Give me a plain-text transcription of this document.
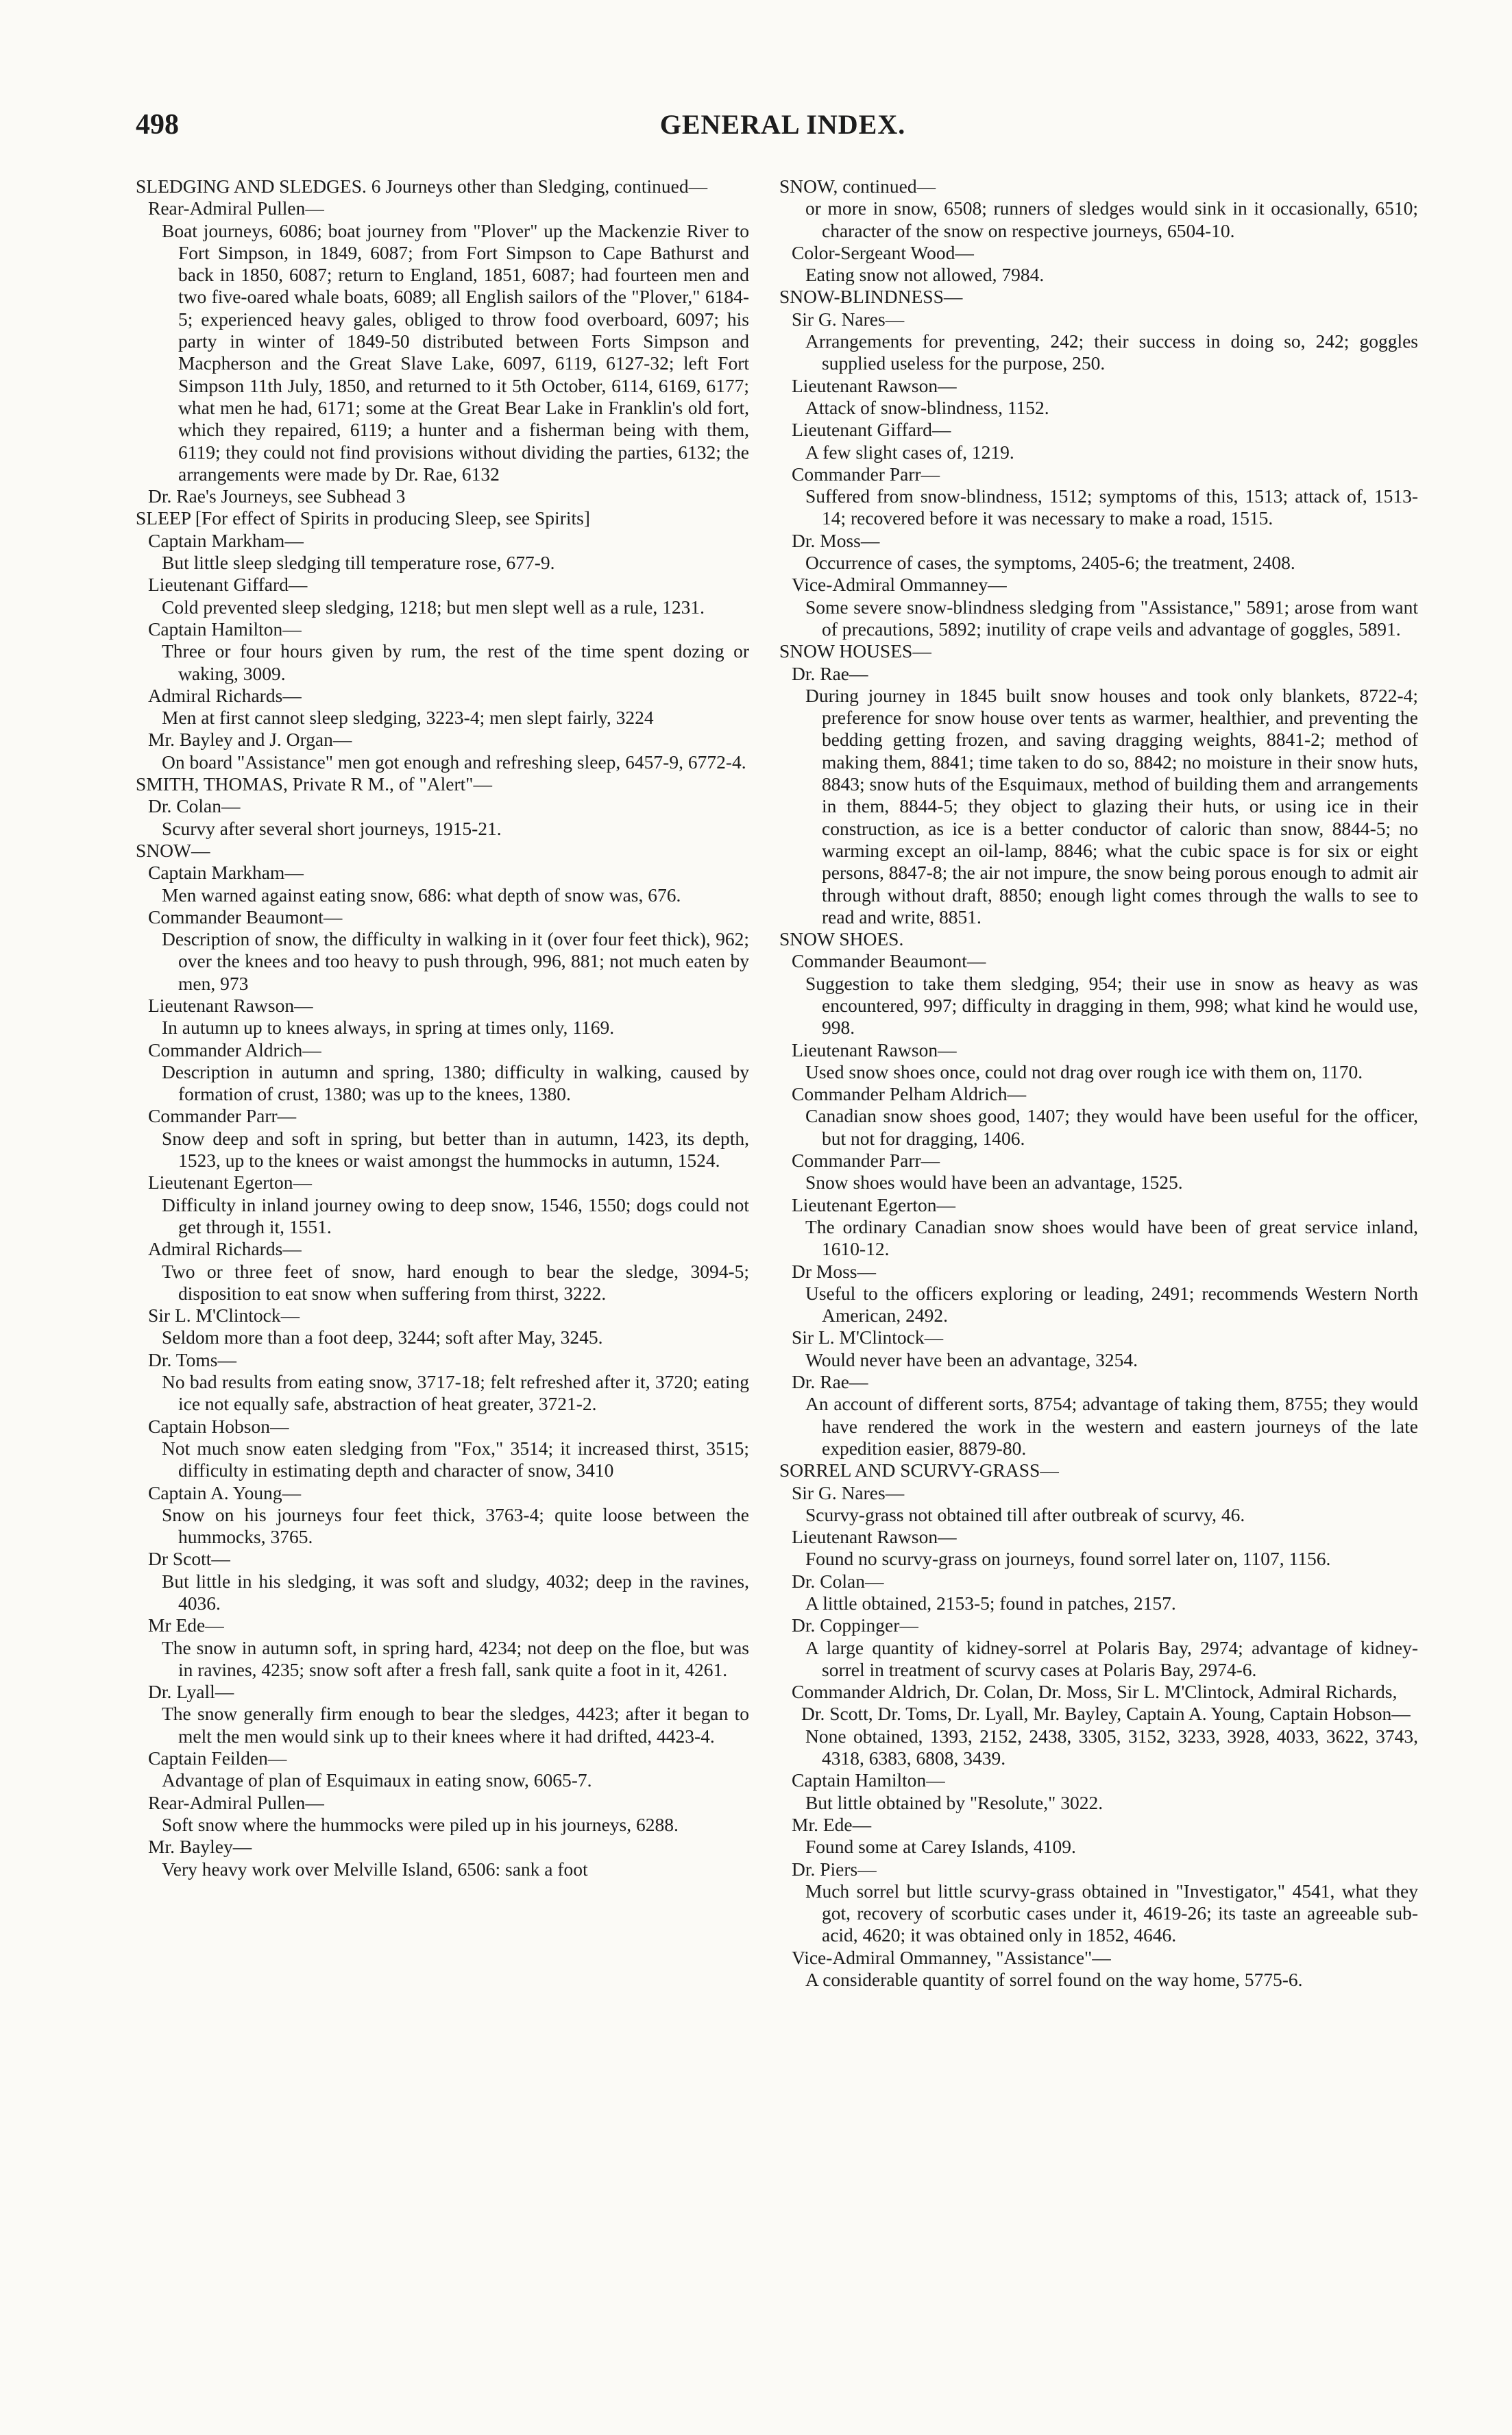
498	GENERAL INDEX.
SLEDGING AND SLEDGES. 6 Journeys other than Sledging, continued—
Rear-Admiral Pullen—
Boat journeys, 6086; boat journey from "Plover" up the Mackenzie River to Fort Simpson, in 1849, 6087; from Fort Simpson to Cape Bathurst and back in 1850, 6087; return to England, 1851, 6087; had fourteen men and two five-oared whale boats, 6089; all English sailors of the "Plover," 6184-5; experienced heavy gales, obliged to throw food overboard, 6097; his party in winter of 1849-50 distributed between Forts Simpson and Macpherson and the Great Slave Lake, 6097, 6119, 6127-32; left Fort Simpson 11th July, 1850, and returned to it 5th October, 6114, 6169, 6177; what men he had, 6171; some at the Great Bear Lake in Franklin's old fort, which they repaired, 6119; a hunter and a fisherman being with them, 6119; they could not find provisions without dividing the parties, 6132; the arrangements were made by Dr. Rae, 6132
Dr. Rae's Journeys, see Subhead 3
SLEEP [For effect of Spirits in producing Sleep, see Spirits]
Captain Markham—
But little sleep sledging till temperature rose, 677-9.
Lieutenant Giffard—
Cold prevented sleep sledging, 1218; but men slept well as a rule, 1231.
Captain Hamilton—
Three or four hours given by rum, the rest of the time spent dozing or waking, 3009.
Admiral Richards—
Men at first cannot sleep sledging, 3223-4; men slept fairly, 3224
Mr. Bayley and J. Organ—
On board "Assistance" men got enough and refreshing sleep, 6457-9, 6772-4.
SMITH, THOMAS, Private R M., of "Alert"—
Dr. Colan—
Scurvy after several short journeys, 1915-21.
SNOW—
Captain Markham—
Men warned against eating snow, 686: what depth of snow was, 676.
Commander Beaumont—
Description of snow, the difficulty in walking in it (over four feet thick), 962; over the knees and too heavy to push through, 996, 881; not much eaten by men, 973
Lieutenant Rawson—
In autumn up to knees always, in spring at times only, 1169.
Commander Aldrich—
Description in autumn and spring, 1380; difficulty in walking, caused by formation of crust, 1380; was up to the knees, 1380.
Commander Parr—
Snow deep and soft in spring, but better than in autumn, 1423, its depth, 1523, up to the knees or waist amongst the hummocks in autumn, 1524.
Lieutenant Egerton—
Difficulty in inland journey owing to deep snow, 1546, 1550; dogs could not get through it, 1551.
Admiral Richards—
Two or three feet of snow, hard enough to bear the sledge, 3094-5; disposition to eat snow when suffering from thirst, 3222.
Sir L. M'Clintock—
Seldom more than a foot deep, 3244; soft after May, 3245.
Dr. Toms—
No bad results from eating snow, 3717-18; felt refreshed after it, 3720; eating ice not equally safe, abstraction of heat greater, 3721-2.
Captain Hobson—
Not much snow eaten sledging from "Fox," 3514; it increased thirst, 3515; difficulty in estimating depth and character of snow, 3410
Captain A. Young—
Snow on his journeys four feet thick, 3763-4; quite loose between the hummocks, 3765.
Dr Scott—
But little in his sledging, it was soft and sludgy, 4032; deep in the ravines, 4036.
Mr Ede—
The snow in autumn soft, in spring hard, 4234; not deep on the floe, but was in ravines, 4235; snow soft after a fresh fall, sank quite a foot in it, 4261.
Dr. Lyall—
The snow generally firm enough to bear the sledges, 4423; after it began to melt the men would sink up to their knees where it had drifted, 4423-4.
Captain Feilden—
Advantage of plan of Esquimaux in eating snow, 6065-7.
Rear-Admiral Pullen—
Soft snow where the hummocks were piled up in his journeys, 6288.
Mr. Bayley—
Very heavy work over Melville Island, 6506: sank a foot
SNOW, continued—
or more in snow, 6508; runners of sledges would sink in it occasionally, 6510; character of the snow on respective journeys, 6504-10.
Color-Sergeant Wood—
Eating snow not allowed, 7984.
SNOW-BLINDNESS—
Sir G. Nares—
Arrangements for preventing, 242; their success in doing so, 242; goggles supplied useless for the purpose, 250.
Lieutenant Rawson—
Attack of snow-blindness, 1152.
Lieutenant Giffard—
A few slight cases of, 1219.
Commander Parr—
Suffered from snow-blindness, 1512; symptoms of this, 1513; attack of, 1513-14; recovered before it was necessary to make a road, 1515.
Dr. Moss—
Occurrence of cases, the symptoms, 2405-6; the treatment, 2408.
Vice-Admiral Ommanney—
Some severe snow-blindness sledging from "Assistance," 5891; arose from want of precautions, 5892; inutility of crape veils and advantage of goggles, 5891.
SNOW HOUSES—
Dr. Rae—
During journey in 1845 built snow houses and took only blankets, 8722-4; preference for snow house over tents as warmer, healthier, and preventing the bedding getting frozen, and saving dragging weights, 8841-2; method of making them, 8841; time taken to do so, 8842; no moisture in their snow huts, 8843; snow huts of the Esquimaux, method of building them and arrangements in them, 8844-5; they object to glazing their huts, or using ice in their construction, as ice is a better conductor of caloric than snow, 8844-5; no warming except an oil-lamp, 8846; what the cubic space is for six or eight persons, 8847-8; the air not impure, the snow being porous enough to admit air through without draft, 8850; enough light comes through the walls to see to read and write, 8851.
SNOW SHOES.
Commander Beaumont—
Suggestion to take them sledging, 954; their use in snow as heavy as was encountered, 997; difficulty in dragging in them, 998; what kind he would use, 998.
Lieutenant Rawson—
Used snow shoes once, could not drag over rough ice with them on, 1170.
Commander Pelham Aldrich—
Canadian snow shoes good, 1407; they would have been useful for the officer, but not for dragging, 1406.
Commander Parr—
Snow shoes would have been an advantage, 1525.
Lieutenant Egerton—
The ordinary Canadian snow shoes would have been of great service inland, 1610-12.
Dr Moss—
Useful to the officers exploring or leading, 2491; recommends Western North American, 2492.
Sir L. M'Clintock—
Would never have been an advantage, 3254.
Dr. Rae—
An account of different sorts, 8754; advantage of taking them, 8755; they would have rendered the work in the western and eastern journeys of the late expedition easier, 8879-80.
SORREL AND SCURVY-GRASS—
Sir G. Nares—
Scurvy-grass not obtained till after outbreak of scurvy, 46.
Lieutenant Rawson—
Found no scurvy-grass on journeys, found sorrel later on, 1107, 1156.
Dr. Colan—
A little obtained, 2153-5; found in patches, 2157.
Dr. Coppinger—
A large quantity of kidney-sorrel at Polaris Bay, 2974; advantage of kidney-sorrel in treatment of scurvy cases at Polaris Bay, 2974-6.
Commander Aldrich, Dr. Colan, Dr. Moss, Sir L. M'Clintock, Admiral Richards, Dr. Scott, Dr. Toms, Dr. Lyall, Mr. Bayley, Captain A. Young, Captain Hobson—
None obtained, 1393, 2152, 2438, 3305, 3152, 3233, 3928, 4033, 3622, 3743, 4318, 6383, 6808, 3439.
Captain Hamilton—
But little obtained by "Resolute," 3022.
Mr. Ede—
Found some at Carey Islands, 4109.
Dr. Piers—
Much sorrel but little scurvy-grass obtained in "Investigator," 4541, what they got, recovery of scorbutic cases under it, 4619-26; its taste an agreeable sub-acid, 4620; it was obtained only in 1852, 4646.
Vice-Admiral Ommanney, "Assistance"—
A considerable quantity of sorrel found on the way home, 5775-6.
